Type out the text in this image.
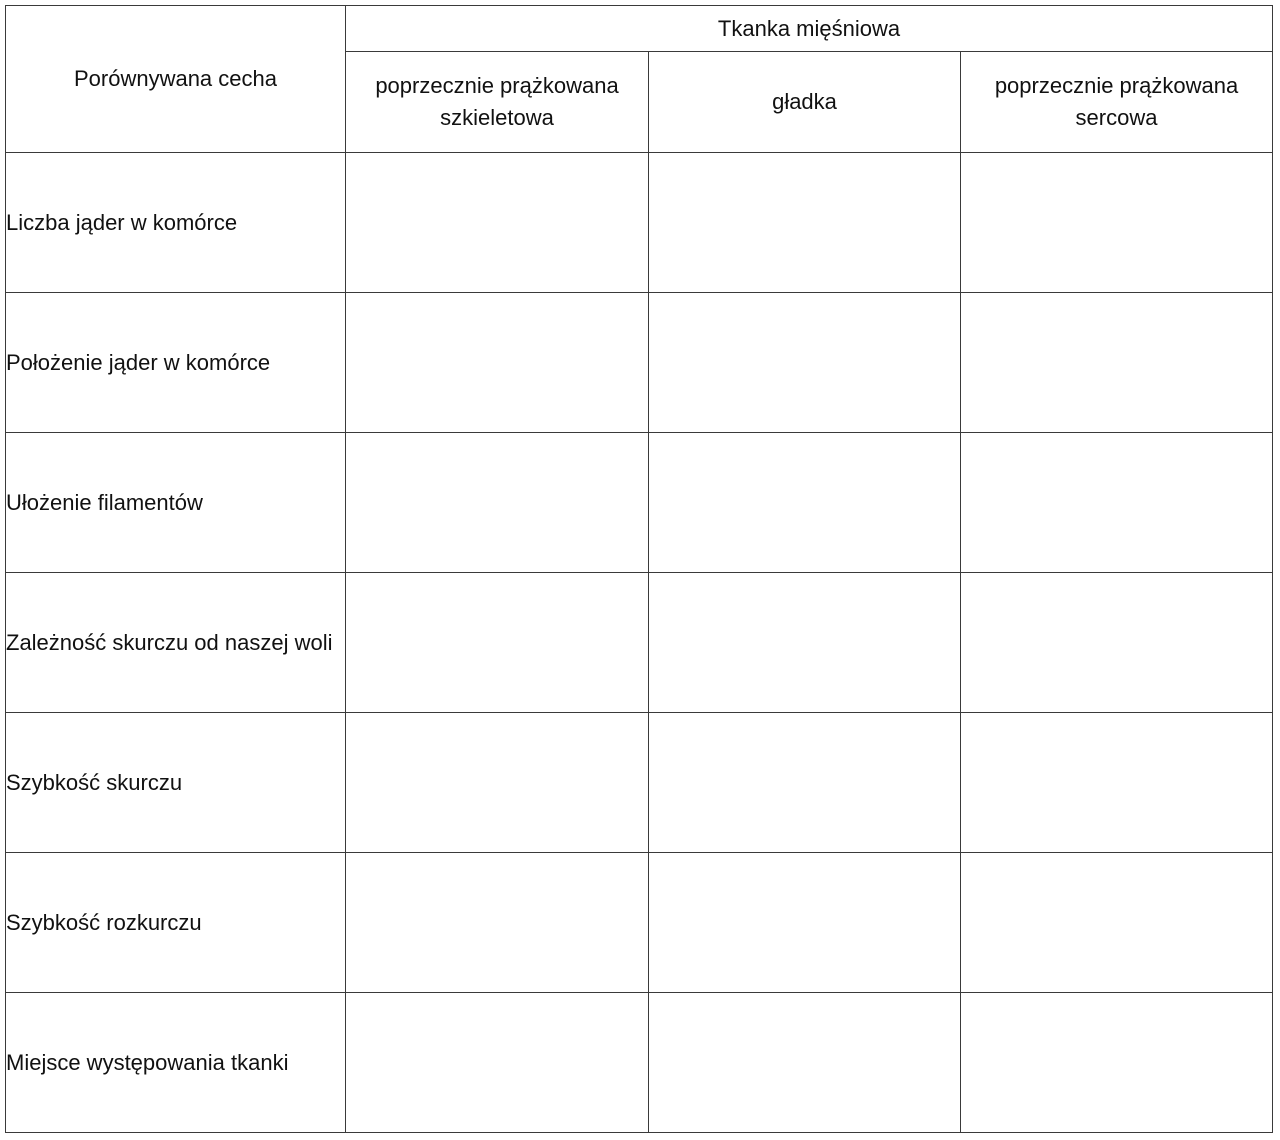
Porównywana cecha	Tkanka mięśniowa		
	poprzecznie prążkowana szkieletowa	gładka	poprzecznie prążkowana sercowa
Liczba jąder w komórce			
Położenie jąder w komórce			
Ułożenie filamentów			
Zależność skurczu od naszej woli			
Szybkość skurczu			
Szybkość rozkurczu			
Miejsce występowania tkanki			
